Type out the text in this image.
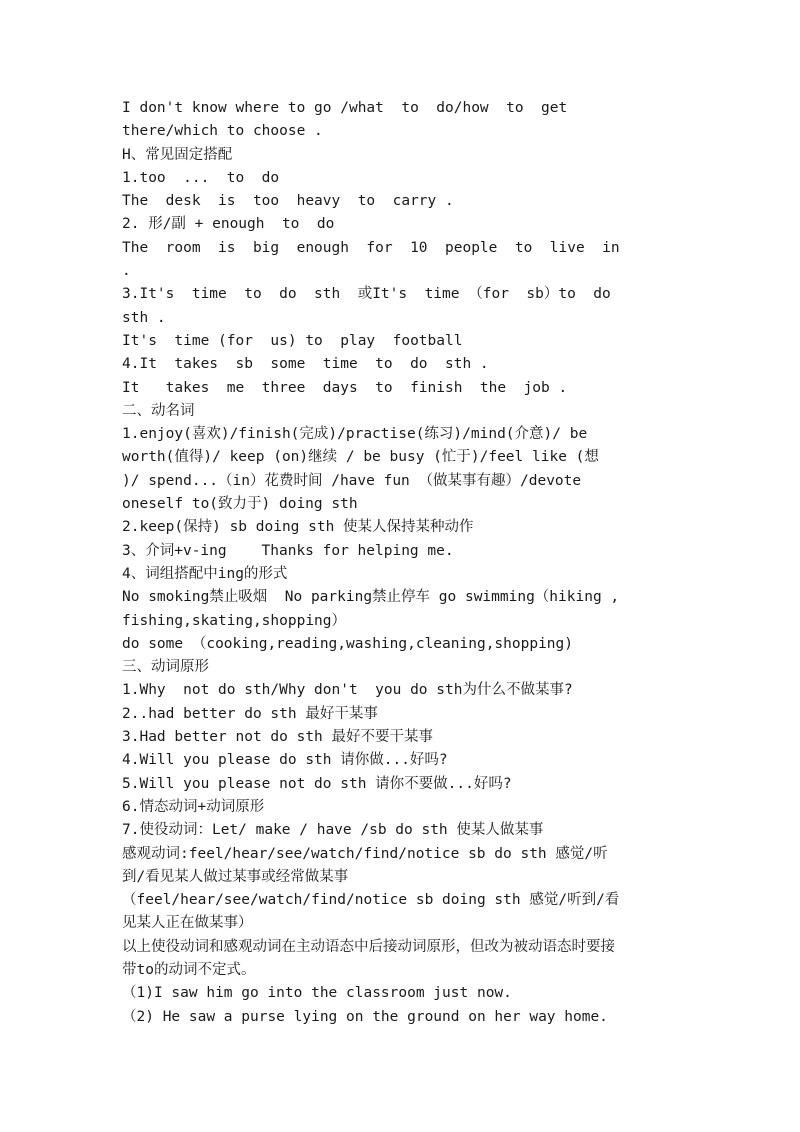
I don't know where to go /what  to  do/how  to  get
there/which to choose .
H、常见固定搭配
1.too  ...  to  do
The  desk  is  too  heavy  to  carry .
2. 形/副 + enough  to  do
The  room  is  big  enough  for  10  people  to  live  in
.
3.It's  time  to  do  sth  或It's  time （for  sb）to  do
sth .
It's  time (for  us) to  play  football
4.It  takes  sb  some  time  to  do  sth .
It   takes  me  three  days  to  finish  the  job .
二、动名词
1.enjoy(喜欢)/finish(完成)/practise(练习)/mind(介意)/ be
worth(值得)/ keep (on)继续 / be busy (忙于)/feel like (想
)/ spend...（in）花费时间 /have fun （做某事有趣）/devote
oneself to(致力于) doing sth
2.keep(保持) sb doing sth 使某人保持某种动作
3、介词+v-ing    Thanks for helping me.
4、词组搭配中ing的形式
No smoking禁止吸烟  No parking禁止停车 go swimming（hiking ,
fishing,skating,shopping）
do some （cooking,reading,washing,cleaning,shopping)
三、动词原形
1.Why  not do sth/Why don't  you do sth为什么不做某事?
2..had better do sth 最好干某事
3.Had better not do sth 最好不要干某事
4.Will you please do sth 请你做...好吗?
5.Will you please not do sth 请你不要做...好吗?
6.情态动词+动词原形
7.使役动词：Let/ make / have /sb do sth 使某人做某事
感观动词:feel/hear/see/watch/find/notice sb do sth 感觉/听
到/看见某人做过某事或经常做某事
（feel/hear/see/watch/find/notice sb doing sth 感觉/听到/看
见某人正在做某事）
以上使役动词和感观动词在主动语态中后接动词原形，但改为被动语态时要接
带to的动词不定式。
（1)I saw him go into the classroom just now.
（2) He saw a purse lying on the ground on her way home.
